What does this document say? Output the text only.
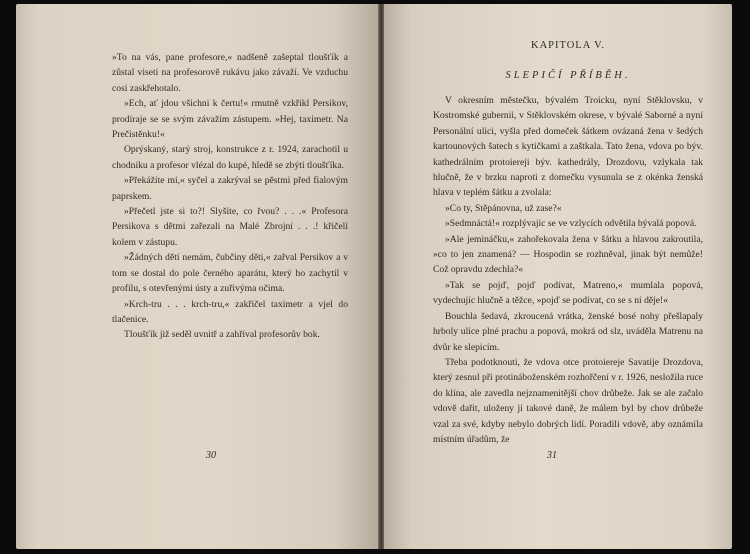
»To na vás, pane profesore,« nadšeně zašeptal tloušťík a zůstal viseti na profesorově rukávu jako závaží. Ve vzduchu cosi zaskřehotalo.

»Ech, ať jdou všichni k čertu!« rmutně vzkřikl Persikov, prodíraje se se svým závažím zástupem. »Hej, taximetr. Na Prečistěnku!«

Oprýskaný, starý stroj, konstrukce z r. 1924, zarachotil u chodníku a profesor vlézal do kupé, hledě se zbýti tloušťíka.

»Překážíte mi,« syčel a zakrýval se pěstmi před fialovým paprskem.

»Přečetl jste si to?! Slyšíte, co řvou? . . .« Profesora Persikova s dětmi zařezali na Malé Zbrojní . . .! křičeli kolem v zástupu.

»Žádných dětí nemám, čubčiny děti,« zařval Persikov a v tom se dostal do pole černého aparátu, který ho zachytil v profilu, s otevřenými ústy a zuřivýma očima.

»Krch-tru . . . krch-tru,« zakřičel taximetr a vjel do tlačenice.

Tloušťík již seděl uvnitř a zahříval profesorův bok.

30
KAPITOLA V.
SLEPIČÍ PŘÍBĚH.

V okresním městečku, bývalém Troicku, nyní Stěklovsku, v Kostromské gubernii, v Stěklovském okrese, v bývalé Saborné a nyní Personální ulici, vyšla před domeček šátkem ovázaná žena v šedých kartounových šatech s kytičkami a zaštkala. Tato žena, vdova po býv. kathedrálním protoiereji býv. kathedrály, Drozdovu, vzlykala tak hlučně, že v brzku naproti z domečku vysunula se z okénka ženská hlava v teplém šátku a zvolala:

»Co ty, Stěpánovna, už zase?«

»Sedmnáctá!« rozplývajíc se ve vzlycích odvětila bývalá popová.

»Ale jemináčku,« zahořekovala žena v šátku a hlavou zakroutila, »co to jen znamená? — Hospodin se rozhněval, jinak být nemůže! Což opravdu zdechla?«

»Tak se pojď, pojď podívat, Matreno,« mumlala popová, vydechujíc hlučně a těžce, »pojď se podívat, co se s ní děje!«

Bouchla šedavá, zkroucená vrátka, ženské bosé nohy přešlapaly hrboly ulice plné prachu a popová, mokrá od slz, uváděla Matrenu na dvůr ke slepicím.

Třeba podotknouti, že vdova otce protoiereje Savatije Drozdova, který zesnul při protináboženském rozhořčení v r. 1926, nesložila ruce do klína, ale zavedla nejznamenitější chov drůbeže. Jak se ale začalo vdově dařit, uloženy jí takové daně, že málem byl by chov drůbeže vzal za své, kdyby nebylo dobrých lidí. Poradili vdově, aby oznámila místním úřadům, že

31
